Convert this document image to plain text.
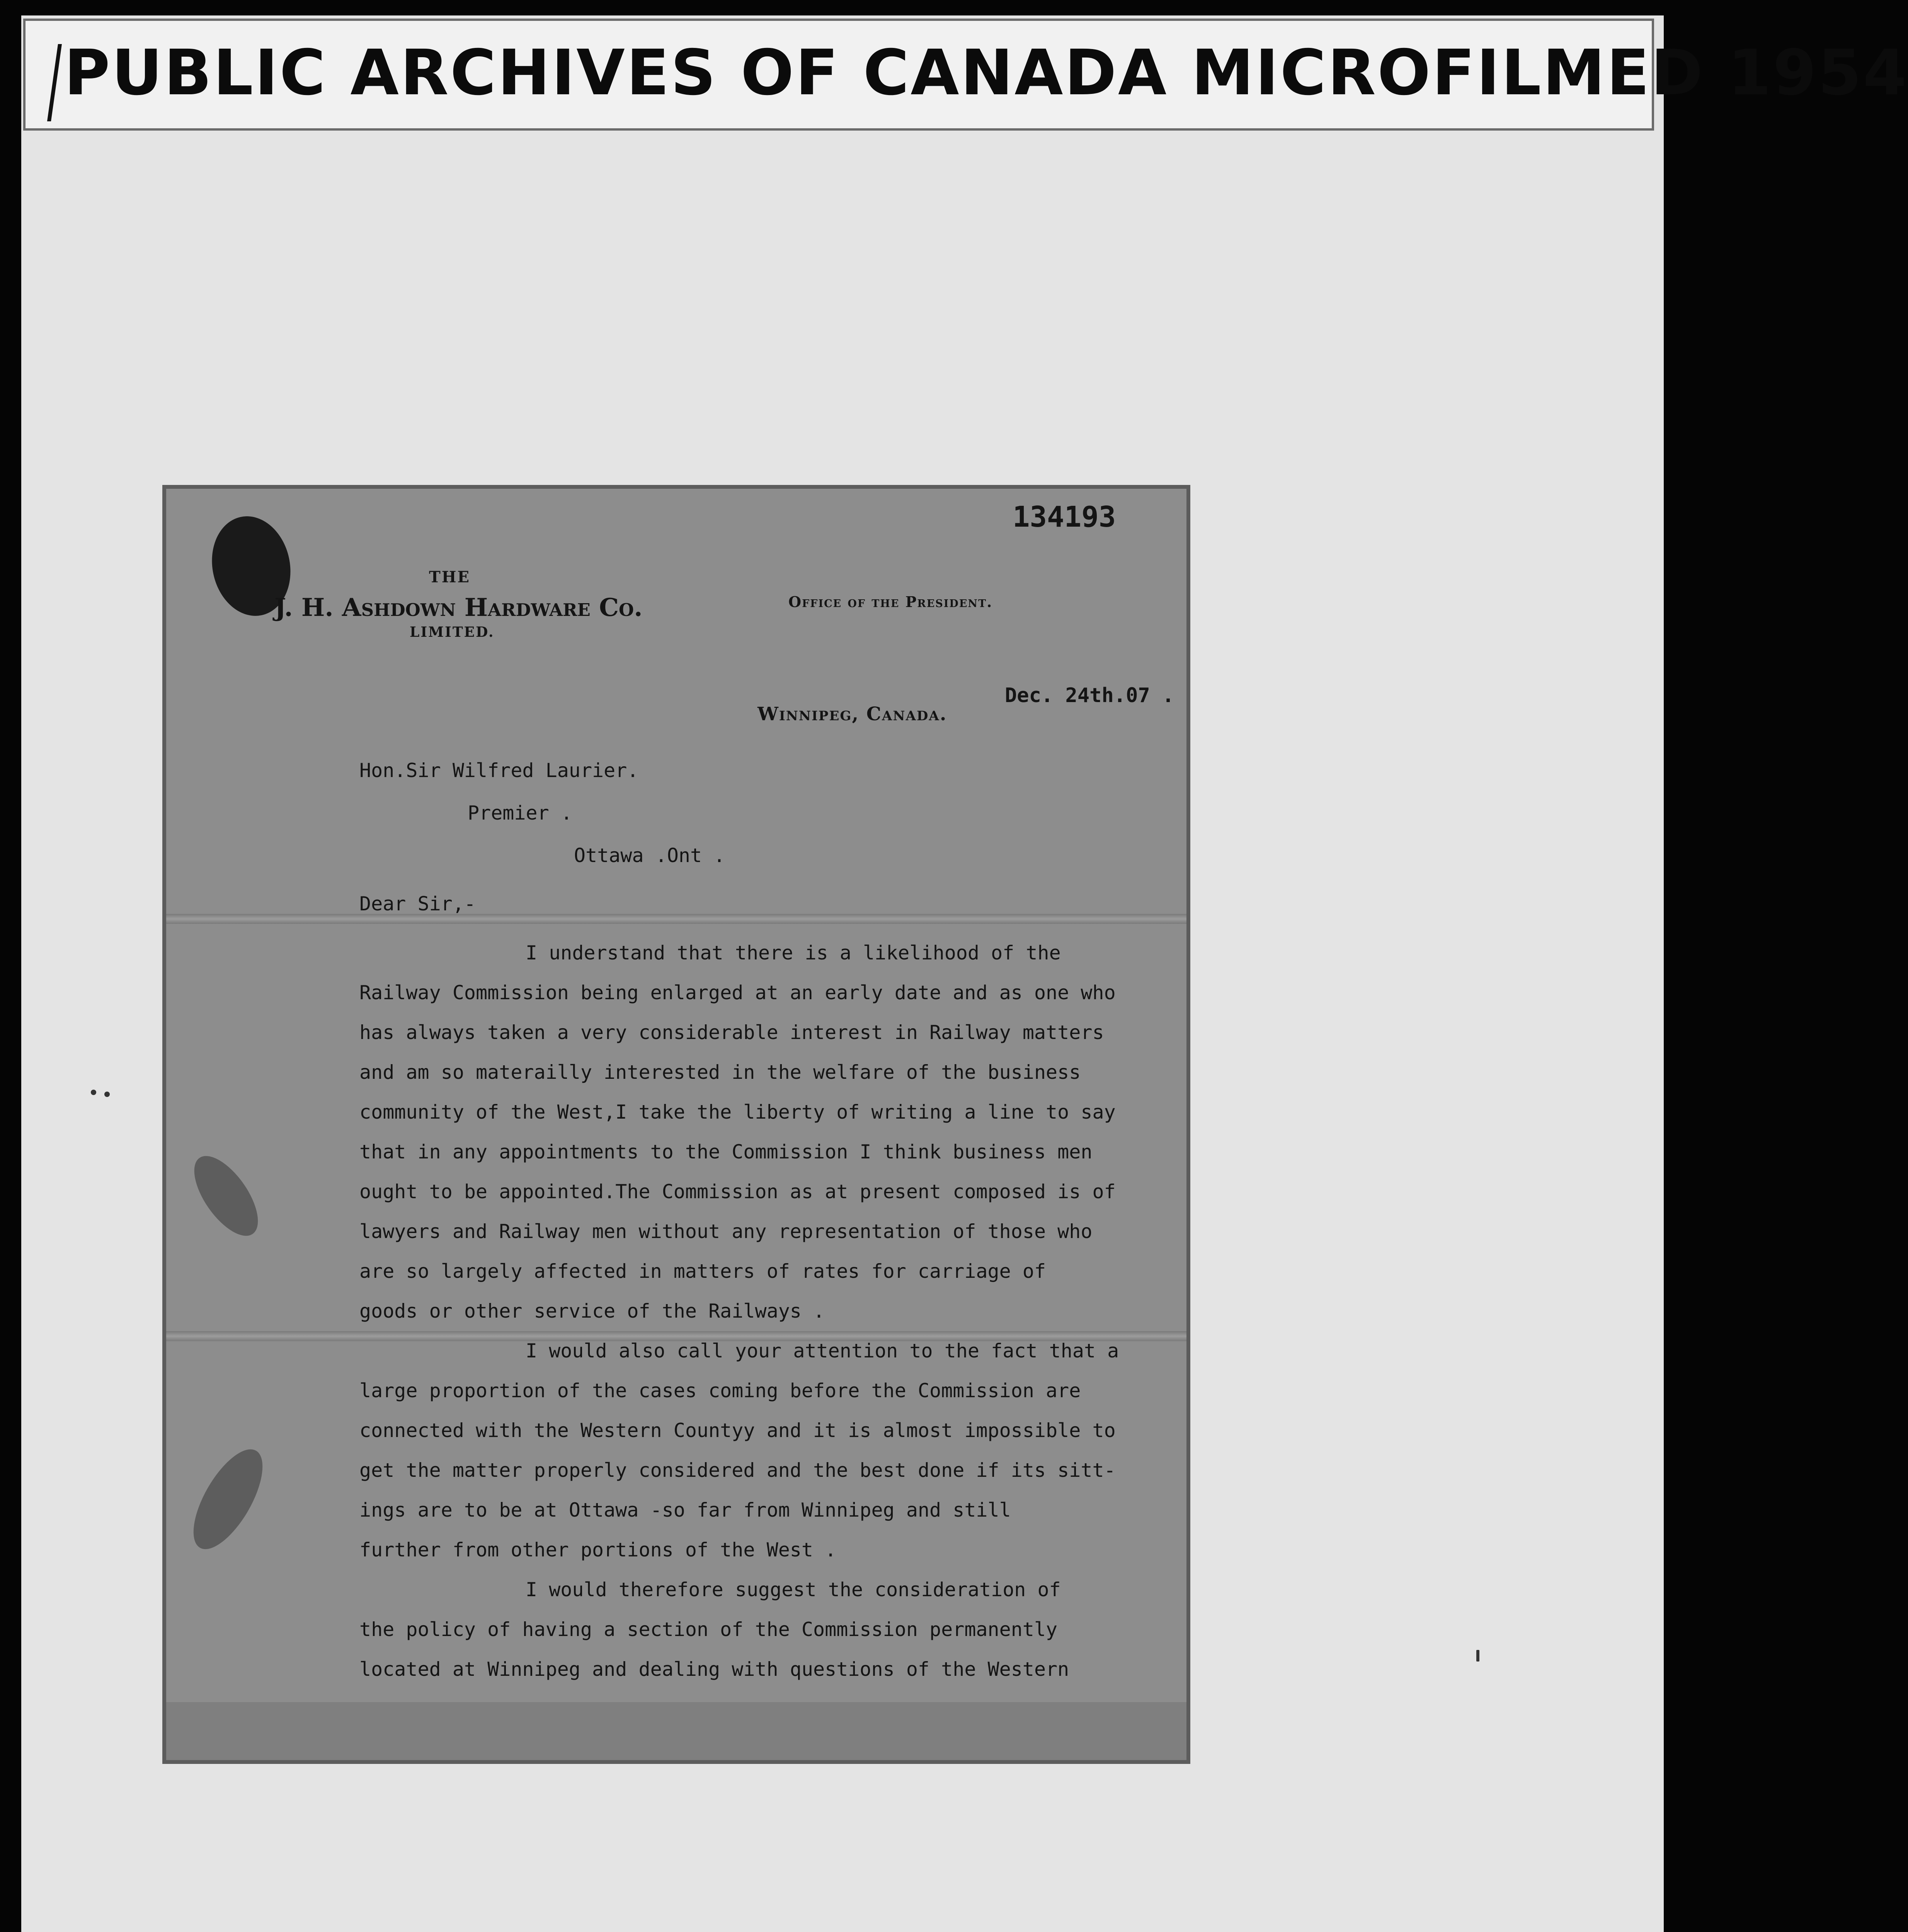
PUBLIC ARCHIVES OF CANADA MICROFILMED 1954
134193
THE
J. H. Ashdown Hardware Co.
LIMITED.
Office of the President.
Dec. 24th.07 .
Winnipeg, Canada.
Hon.Sir Wilfred Laurier.
Premier .
Ottawa .Ont .
Dear Sir,-
I understand that there is a likelihood of the
Railway Commission being enlarged at an early date and as one who
has always taken a very considerable interest in Railway matters
and am so materailly interested in the welfare of the business
community of the West,I take the liberty of writing a line to say
that in any appointments to the Commission I think business men
ought to be appointed.The Commission as at present composed is of
lawyers and Railway men without any representation of those who
are so largely affected in matters of rates for carriage of
goods or other service of the Railways .
I would also call your attention to the fact that a
large proportion of the cases coming before the Commission are
connected with the Western Countyy and it is almost impossible to
get the matter properly considered and the best done if its sitt-
ings are to be at Ottawa -so far from Winnipeg and still
further from other portions of the West .
I would therefore suggest the consideration of
the policy of having a section of the Commission permanently
located at Winnipeg and dealing with questions of the Western
